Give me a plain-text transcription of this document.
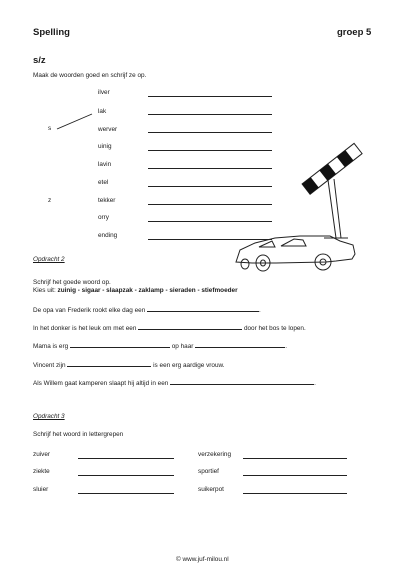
Spelling	groep 5
s/z
Maak de woorden goed en schrijf ze op.
s
z
ilver
lak
werver
uinig
lavin
etel
tekker
orry
ending
Opdracht 2
Schrijf het goede woord op.
Kies uit: zuinig - sigaar - slaapzak - zaklamp - sieraden - stiefmoeder
De opa van Frederik rookt elke dag een	.
In het donker is het leuk om met een	door het bos te lopen.
Mama is erg	op haar	.
Vincent zijn	is een erg aardige vrouw.
Als Willem gaat kamperen slaapt hij altijd in een	.
Opdracht 3
Schrijf het woord in lettergrepen
zuiver
ziekte
sluier
verzekering
sportief
suikerpot
© www.juf-milou.nl
